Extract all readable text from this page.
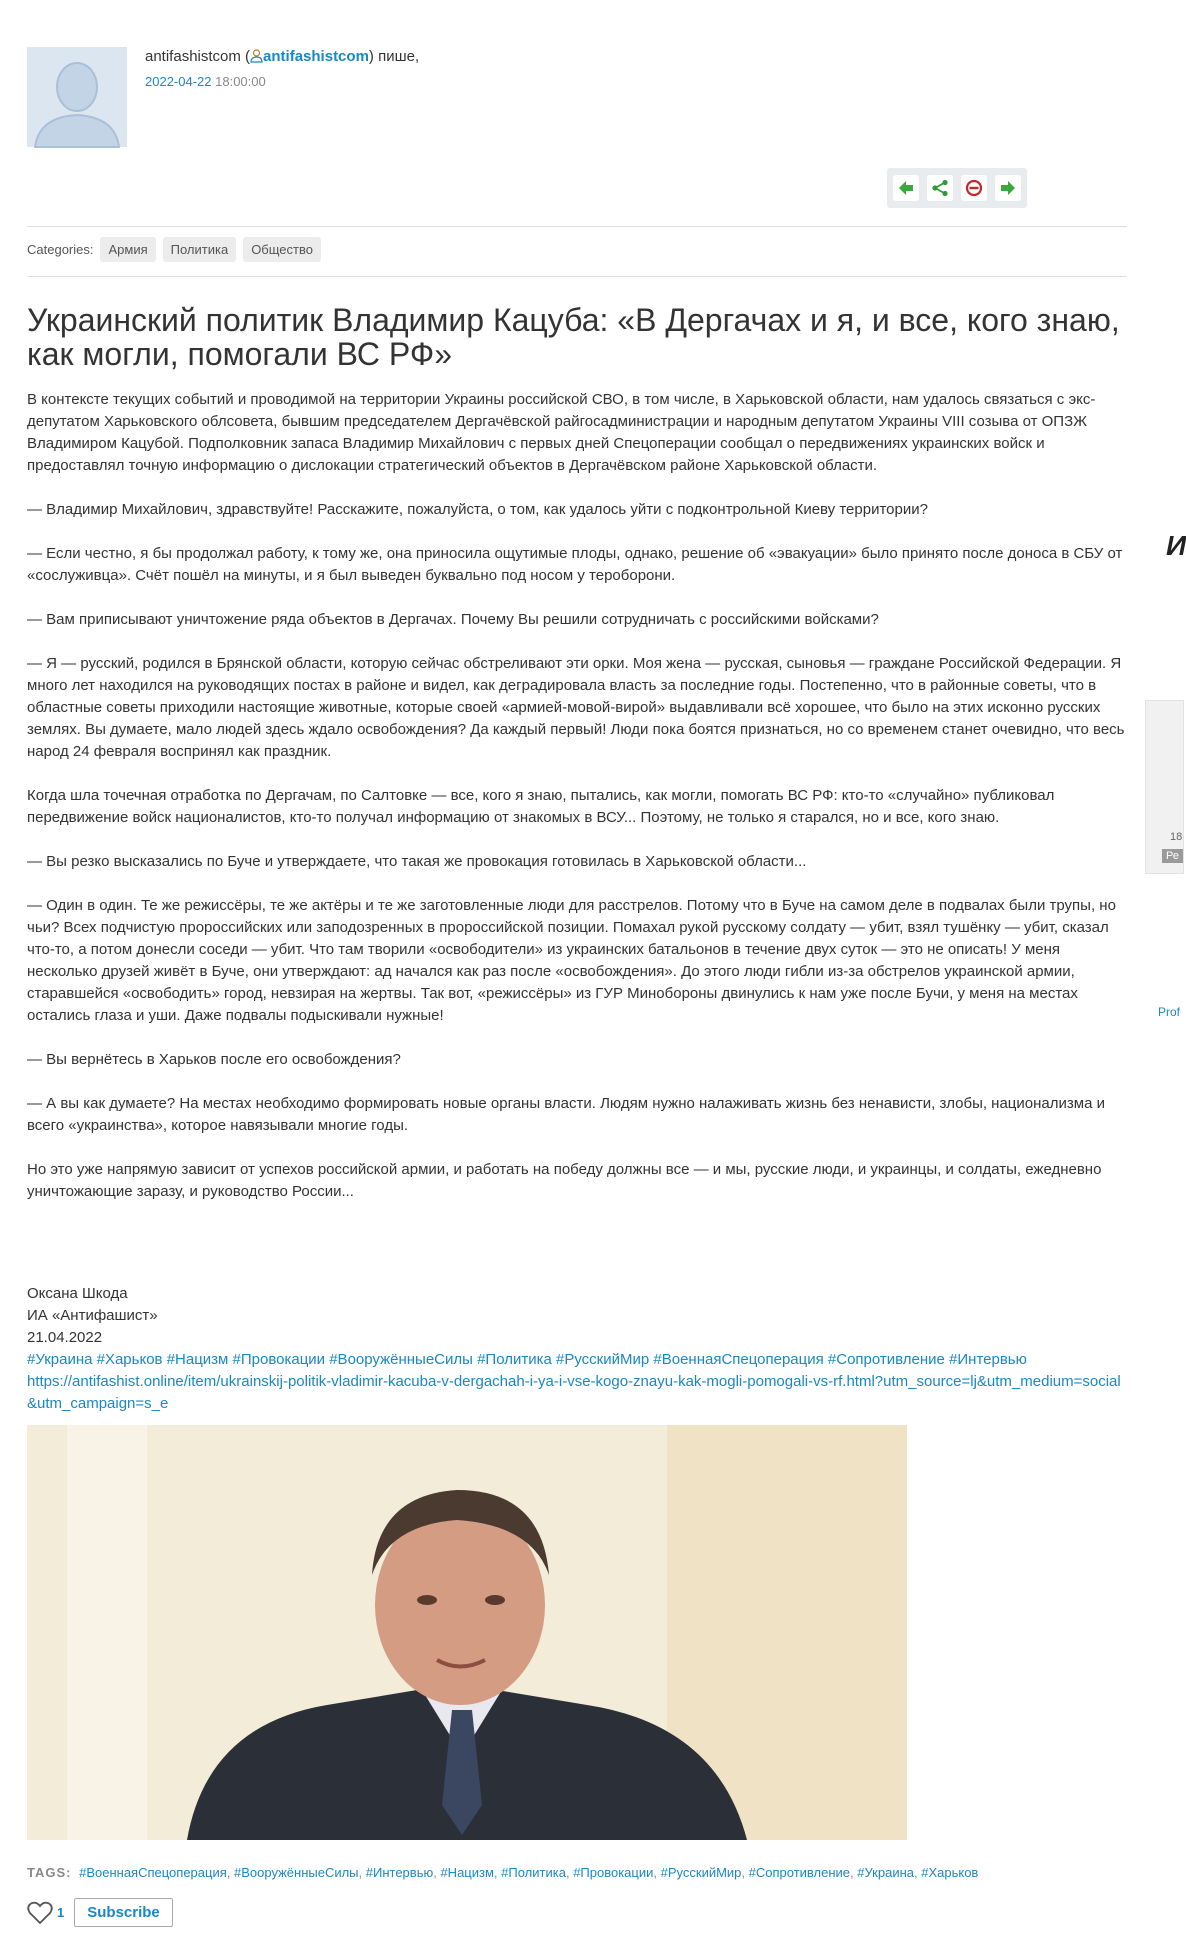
antifashistcom ( antifashistcom) пише,
2022-04-22 18:00:00
Categories:	Армия	Политика	Общество
Украинский политик Владимир Кацуба: «В Дергачах и я, и все, кого знаю, как могли, помогали ВС РФ»

В контексте текущих событий и проводимой на территории Украины российской СВО, в том числе, в Харьковской области, нам удалось связаться с экс-депутатом Харьковского облсовета, бывшим председателем Дергачёвской райгосадминистрации и народным депутатом Украины VIII созыва от ОПЗЖ Владимиром Кацубой. Подполковник запаса Владимир Михайлович с первых дней Спецоперации сообщал о передвижениях украинских войск и предоставлял точную информацию о дислокации стратегический объектов в Дергачёвском районе Харьковской области.

— Владимир Михайлович, здравствуйте! Расскажите, пожалуйста, о том, как удалось уйти с подконтрольной Киеву территории?

— Если честно, я бы продолжал работу, к тому же, она приносила ощутимые плоды, однако, решение об «эвакуации» было принято после доноса в СБУ от «сослуживца». Счёт пошёл на минуты, и я был выведен буквально под носом у тероборони.

— Вам приписывают уничтожение ряда объектов в Дергачах. Почему Вы решили сотрудничать с российскими войсками?

— Я — русский, родился в Брянской области, которую сейчас обстреливают эти орки. Моя жена — русская, сыновья — граждане Российской Федерации. Я много лет находился на руководящих постах в районе и видел, как деградировала власть за последние годы. Постепенно, что в районные советы, что в областные советы приходили настоящие животные, которые своей «армией-мовой-вирой» выдавливали всё хорошее, что было на этих исконно русских землях. Вы думаете, мало людей здесь ждало освобождения? Да каждый первый! Люди пока боятся признаться, но со временем станет очевидно, что весь народ 24 февраля воспринял как праздник.

Когда шла точечная отработка по Дергачам, по Салтовке — все, кого я знаю, пытались, как могли, помогать ВС РФ: кто-то «случайно» публиковал передвижение войск националистов, кто-то получал информацию от знакомых в ВСУ... Поэтому, не только я старался, но и все, кого знаю.

— Вы резко высказались по Буче и утверждаете, что такая же провокация готовилась в Харьковской области...

— Один в один. Те же режиссёры, те же актёры и те же заготовленные люди для расстрелов. Потому что в Буче на самом деле в подвалах были трупы, но чьи? Всех подчистую пророссийских или заподозренных в пророссийской позиции. Помахал рукой русскому солдату — убит, взял тушёнку — убит, сказал что-то, а потом донесли соседи — убит. Что там творили «освободители» из украинских батальонов в течение двух суток — это не описать! У меня несколько друзей живёт в Буче, они утверждают: ад начался как раз после «освобождения». До этого люди гибли из-за обстрелов украинской армии, старавшейся «освободить» город, невзирая на жертвы. Так вот, «режиссёры» из ГУР Минобороны двинулись к нам уже после Бучи, у меня на местах остались глаза и уши. Даже подвалы подыскивали нужные!

— Вы вернётесь в Харьков после его освобождения?

— А вы как думаете? На местах необходимо формировать новые органы власти. Людям нужно налаживать жизнь без ненависти, злобы, национализма и всего «украинства», которое навязывали многие годы.

Но это уже напрямую зависит от успехов российской армии, и работать на победу должны все — и мы, русские люди, и украинцы, и солдаты, ежедневно уничтожающие заразу, и руководство России...

Оксана Шкода
ИА «Антифашист»
21.04.2022
#Украина #Харьков #Нацизм #Провокации #ВооружённыеСилы #Политика #РусскийМир #ВоеннаяСпецоперация #Сопротивление #Интервью
https://antifashist.online/item/ukrainskij-politik-vladimir-kacuba-v-dergachah-i-ya-i-vse-kogo-znayu-kak-mogli-pomogali-vs-rf.html?utm_source=lj&utm_medium=social&utm_campaign=s_e
TAGS: #ВоеннаяСпецоперация, #ВооружённыеСилы, #Интервью, #Нацизм, #Политика, #Провокации, #РусскийМир, #Сопротивление, #Украина, #Харьков
1	Subscribe
И
18
Ре
Prof
